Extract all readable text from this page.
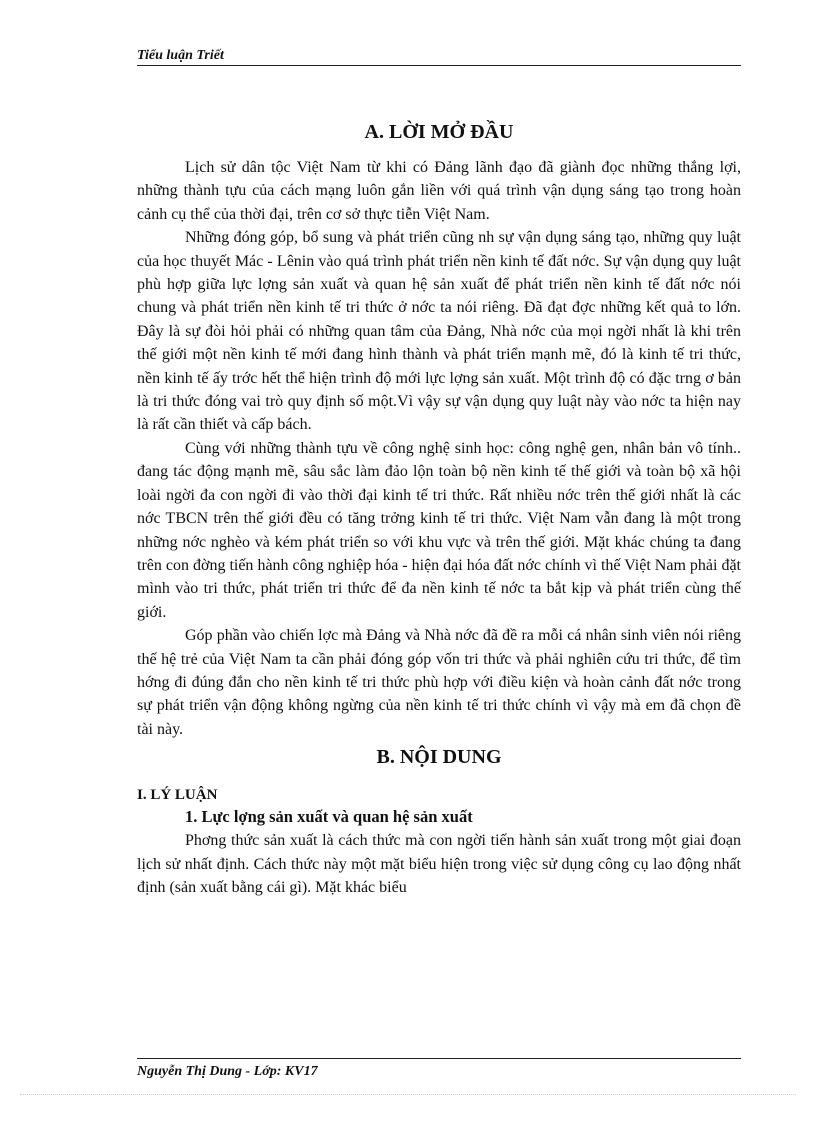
Tiểu luận Triết
A. LỜI MỞ ĐẦU

Lịch sử dân tộc Việt Nam từ khi có Đảng lãnh đạo đã giành đọc những thắng lợi, những thành tựu của cách mạng luôn gắn liền với quá trình vận dụng sáng tạo trong hoàn cảnh cụ thể của thời đại, trên cơ sở thực tiễn Việt Nam.

Những đóng góp, bổ sung và phát triển cũng nh sự vận dụng sáng tạo, những quy luật của học thuyết Mác - Lênin vào quá trình phát triển nền kinh tế đất nớc. Sự vận dụng quy luật phù hợp giữa lực lợng sản xuất và quan hệ sản xuất để phát triển nền kinh tế đất nớc nói chung và phát triển nền kinh tế tri thức ở nớc ta nói riêng. Đã đạt đợc những kết quả to lớn. Đây là sự đòi hỏi phải có những quan tâm của Đảng, Nhà nớc của mọi ngời nhất là khi trên thế giới một nền kinh tế mới đang hình thành và phát triển mạnh mẽ, đó là kinh tế tri thức, nền kinh tế ấy trớc hết thể hiện trình độ mới lực lợng sản xuất. Một trình độ có đặc trng ơ bản là tri thức đóng vai trò quy định số một.Vì vậy sự vận dụng quy luật này vào nớc ta hiện nay là rất cần thiết và cấp bách.

Cùng với những thành tựu về công nghệ sinh học: công nghệ gen, nhân bản vô tính.. đang tác động mạnh mẽ, sâu sắc làm đảo lộn toàn bộ nền kinh tế thế giới và toàn bộ xã hội loài ngời đa con ngời đi vào thời đại kinh tế tri thức. Rất nhiều nớc trên thế giới nhất là các nớc TBCN trên thế giới đều có tăng trởng kinh tế tri thức. Việt Nam vẫn đang là một trong những nớc nghèo và kém phát triển so với khu vực và trên thế giới. Mặt khác chúng ta đang trên con đờng tiến hành công nghiệp hóa - hiện đại hóa đất nớc chính vì thế Việt Nam phải đặt mình vào tri thức, phát triển tri thức để đa nền kinh tế nớc ta bắt kịp và phát triển cùng thế giới.

Góp phần vào chiến lợc mà Đảng và Nhà nớc đã đề ra mỗi cá nhân sinh viên nói riêng thế hệ trẻ của Việt Nam ta cần phải đóng góp vốn tri thức và phải nghiên cứu tri thức, để tìm hớng đi đúng đắn cho nền kinh tế tri thức phù hợp với điều kiện và hoàn cảnh đất nớc trong sự phát triển vận động không ngừng của nền kinh tế tri thức chính vì vậy mà em đã chọn đề tài này.

B. NỘI DUNG
I. LÝ LUẬN
1. Lực lợng sản xuất và quan hệ sản xuất

Phơng thức sản xuất là cách thức mà con ngời tiến hành sản xuất trong một giai đoạn lịch sử nhất định. Cách thức này một mặt biểu hiện trong việc sử dụng công cụ lao động nhất định (sản xuất bằng cái gì). Mặt khác biểu

Nguyễn Thị Dung - Lớp: KV17
